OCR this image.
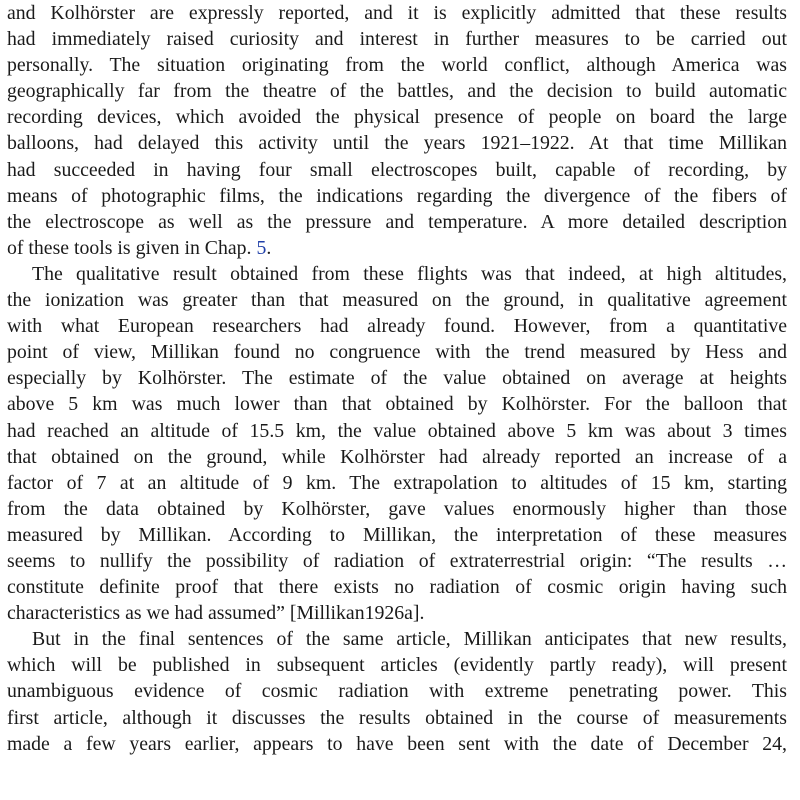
and Kolhörster are expressly reported, and it is explicitly admitted that these results
had immediately raised curiosity and interest in further measures to be carried out
personally. The situation originating from the world conflict, although America was
geographically far from the theatre of the battles, and the decision to build automatic
recording devices, which avoided the physical presence of people on board the large
balloons, had delayed this activity until the years 1921–1922. At that time Millikan
had succeeded in having four small electroscopes built, capable of recording, by
means of photographic films, the indications regarding the divergence of the fibers of
the electroscope as well as the pressure and temperature. A more detailed description
of these tools is given in Chap. 5.
The qualitative result obtained from these flights was that indeed, at high altitudes,
the ionization was greater than that measured on the ground, in qualitative agreement
with what European researchers had already found. However, from a quantitative
point of view, Millikan found no congruence with the trend measured by Hess and
especially by Kolhörster. The estimate of the value obtained on average at heights
above 5 km was much lower than that obtained by Kolhörster. For the balloon that
had reached an altitude of 15.5 km, the value obtained above 5 km was about 3 times
that obtained on the ground, while Kolhörster had already reported an increase of a
factor of 7 at an altitude of 9 km. The extrapolation to altitudes of 15 km, starting
from the data obtained by Kolhörster, gave values enormously higher than those
measured by Millikan. According to Millikan, the interpretation of these measures
seems to nullify the possibility of radiation of extraterrestrial origin: “The results …
constitute definite proof that there exists no radiation of cosmic origin having such
characteristics as we had assumed” [Millikan1926a].
But in the final sentences of the same article, Millikan anticipates that new results,
which will be published in subsequent articles (evidently partly ready), will present
unambiguous evidence of cosmic radiation with extreme penetrating power. This
first article, although it discusses the results obtained in the course of measurements
made a few years earlier, appears to have been sent with the date of December 24,
